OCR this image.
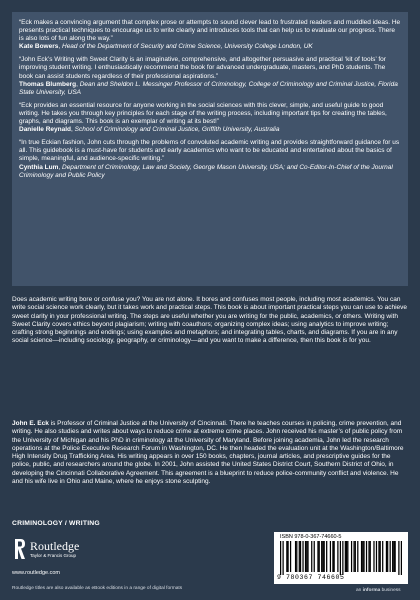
“Eck makes a convincing argument that complex prose or attempts to sound clever lead to frustrated readers and muddled ideas. He presents practical techniques to encourage us to write clearly and introduces tools that can help us to evaluate our progress. There is also lots of fun along the way.”
Kate Bowers, Head of the Department of Security and Crime Science, University College London, UK
“John Eck’s Writing with Sweet Clarity is an imaginative, comprehensive, and altogether persuasive and practical ‘kit of tools’ for improving student writing. I enthusiastically recommend the book for advanced undergraduate, masters, and PhD students. The book can assist students regardless of their professional aspirations.”
Thomas Blumberg, Dean and Sheldon L. Messinger Professor of Criminology, College of Criminology and Criminal Justice, Florida State University, USA
“Eck provides an essential resource for anyone working in the social sciences with this clever, simple, and useful guide to good writing. He takes you through key principles for each stage of the writing process, including important tips for creating the tables, graphs, and diagrams. This book is an exemplar of writing at its best!”
Danielle Reynald, School of Criminology and Criminal Justice, Griffith University, Australia
“In true Eckian fashion, John cuts through the problems of convoluted academic writing and provides straightforward guidance for us all. This guidebook is a must-have for students and early academics who want to be educated and entertained about the basics of simple, meaningful, and audience-specific writing.”
Cynthia Lum, Department of Criminology, Law and Society, George Mason University, USA; and Co-Editor-In-Chief of the Journal Criminology and Public Policy

Does academic writing bore or confuse you? You are not alone. It bores and confuses most people, including most academics. You can write social science work clearly, but it takes work and practical steps. This book is about important practical steps you can use to achieve sweet clarity in your professional writing. The steps are useful whether you are writing for the public, academics, or others. Writing with Sweet Clarity covers ethics beyond plagiarism; writing with coauthors; organizing complex ideas; using analytics to improve writing; crafting strong beginnings and endings; using examples and metaphors; and integrating tables, charts, and diagrams. If you are in any social science—including sociology, geography, or criminology—and you want to make a difference, then this book is for you.

John E. Eck is Professor of Criminal Justice at the University of Cincinnati. There he teaches courses in policing, crime prevention, and writing. He also studies and writes about ways to reduce crime at extreme crime places. John received his master’s of public policy from the University of Michigan and his PhD in criminology at the University of Maryland. Before joining academia, John led the research operations at the Police Executive Research Forum in Washington, DC. He then headed the evaluation unit at the Washington/Baltimore High Intensity Drug Trafficking Area. His writing appears in over 150 books, chapters, journal articles, and prescriptive guides for the police, public, and researchers around the globe. In 2001, John assisted the United States District Court, Southern District of Ohio, in developing the Cincinnati Collaborative Agreement. This agreement is a blueprint to reduce police-community conflict and violence. He and his wife live in Ohio and Maine, where he enjoys stone sculpting.

CRIMINOLOGY / WRITING
Routledge
Taylor & Francis Group
www.routledge.com
Routledge titles are also available as eBook editions in a range of digital formats
ISBN 978-0-367-74660-5
9 780367 746605
an informa business
